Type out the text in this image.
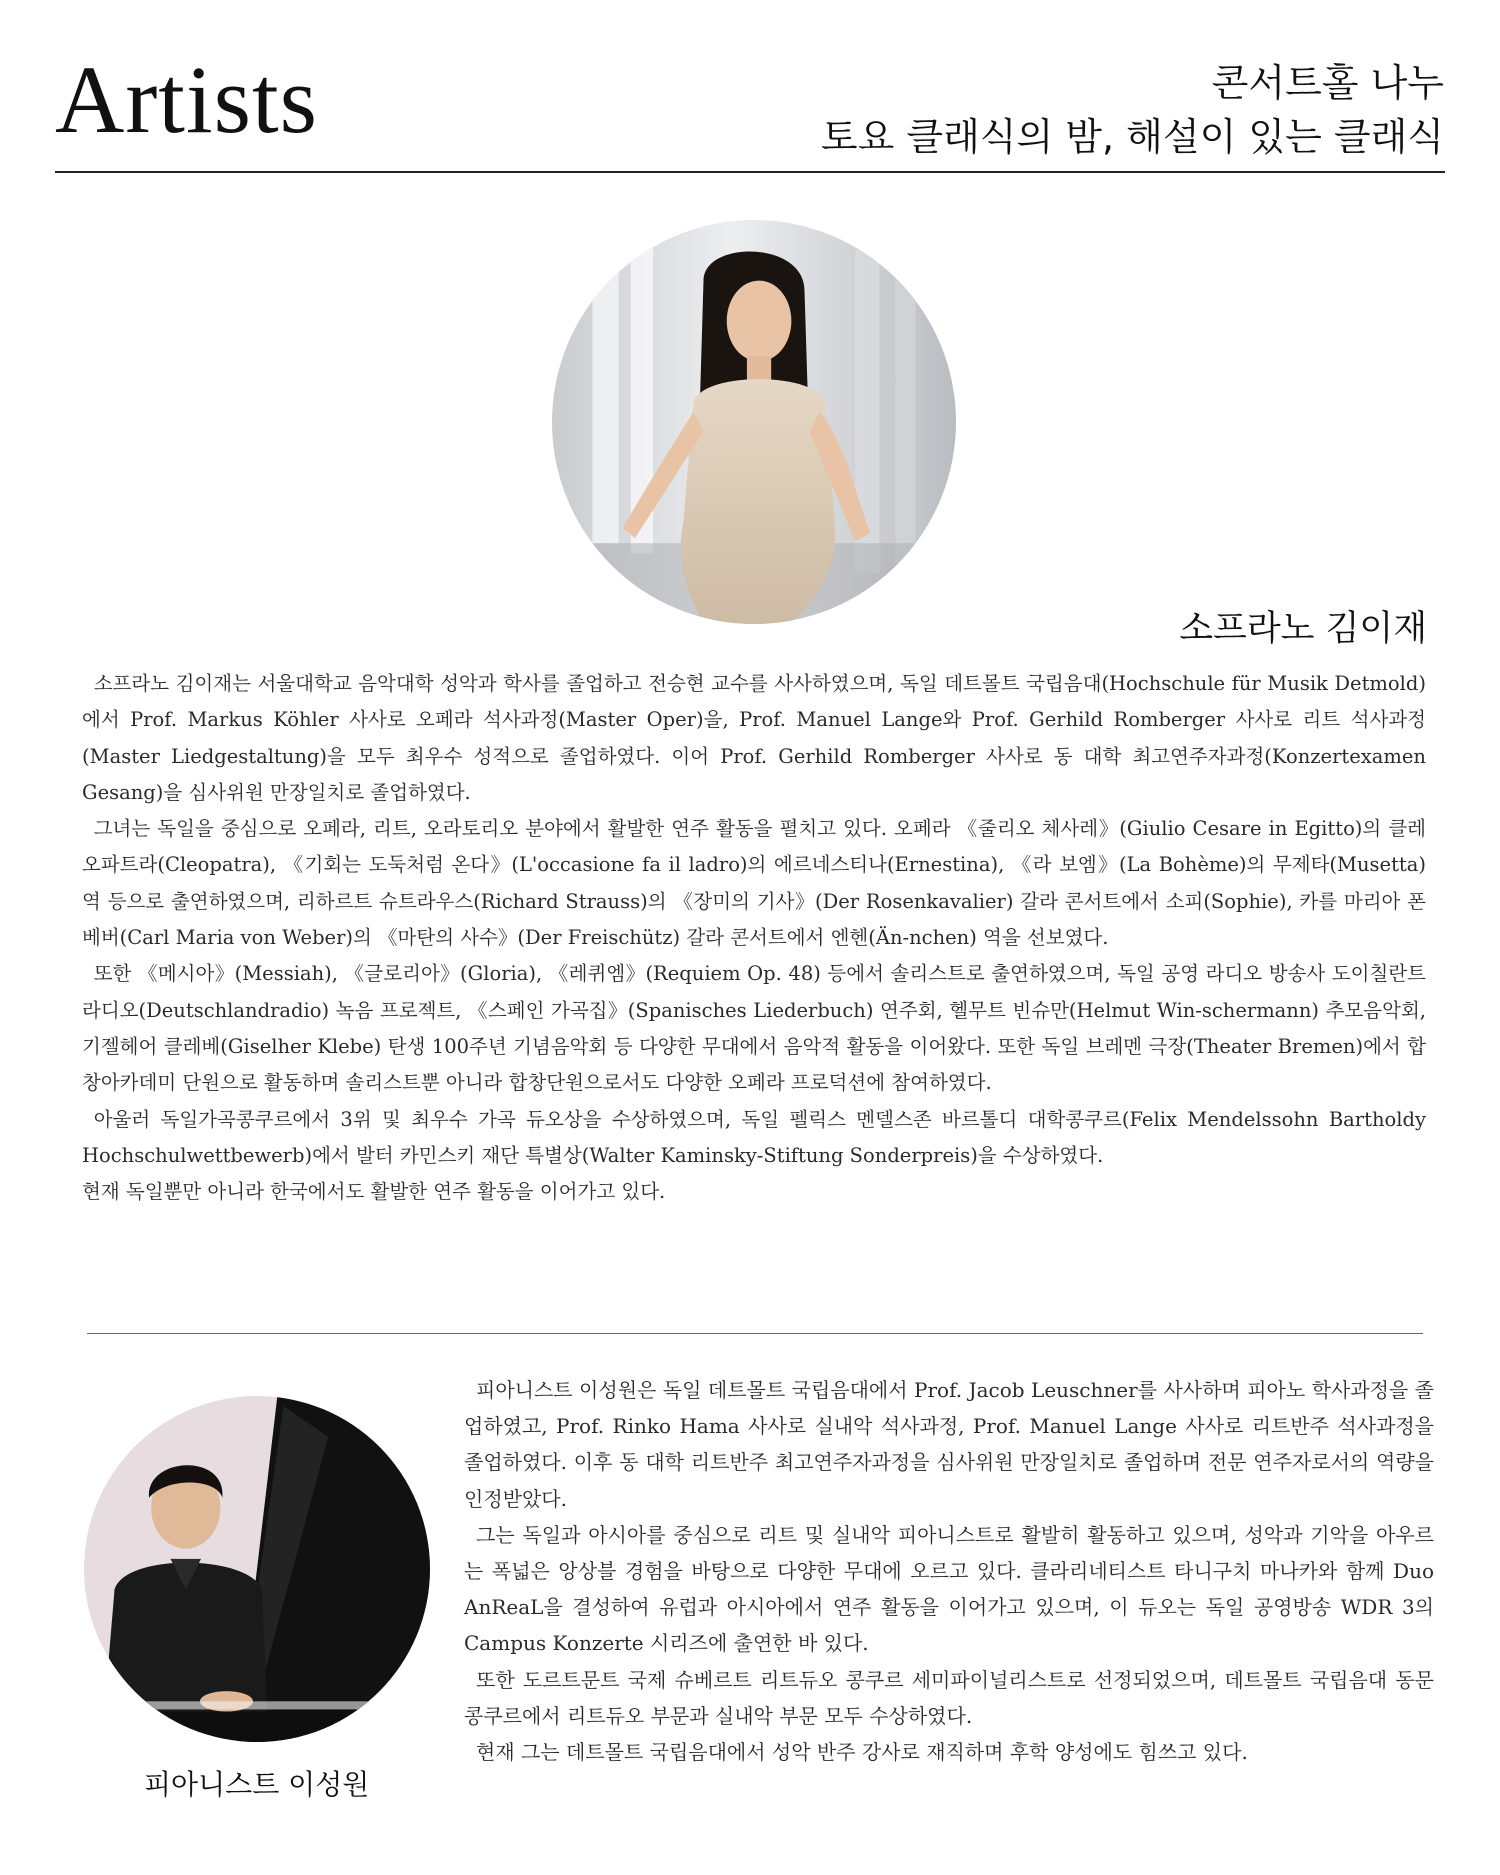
Artists	콘서트홀 나누
토요 클래식의 밤, 해설이 있는 클래식
소프라노 김이재

소프라노 김이재는 서울대학교 음악대학 성악과 학사를 졸업하고 전승현 교수를 사사하였으며, 독일 데트몰트 국립음대(Hochschule für Musik Detmold)에서 Prof. Markus Köhler 사사로 오페라 석사과정(Master Oper)을, Prof. Manuel Lange와 Prof. Gerhild Romberger 사사로 리트 석사과정(Master Liedgestaltung)을 모두 최우수 성적으로 졸업하였다. 이어 Prof. Gerhild Romberger 사사로 동 대학 최고연주자과정(Konzertexamen Gesang)을 심사위원 만장일치로 졸업하였다.

그녀는 독일을 중심으로 오페라, 리트, 오라토리오 분야에서 활발한 연주 활동을 펼치고 있다. 오페라 《줄리오 체사레》(Giulio Cesare in Egitto)의 클레오파트라(Cleopatra), 《기회는 도둑처럼 온다》(L'occasione fa il ladro)의 에르네스티나(Ernestina), 《라 보엠》(La Bohème)의 무제타(Musetta) 역 등으로 출연하였으며, 리하르트 슈트라우스(Richard Strauss)의 《장미의 기사》(Der Rosenkavalier) 갈라 콘서트에서 소피(Sophie), 카를 마리아 폰 베버(Carl Maria von Weber)의 《마탄의 사수》(Der Freischütz) 갈라 콘서트에서 엔헨(Än-nchen) 역을 선보였다.

또한 《메시아》(Messiah), 《글로리아》(Gloria), 《레퀴엠》(Requiem Op. 48) 등에서 솔리스트로 출연하였으며, 독일 공영 라디오 방송사 도이칠란트라디오(Deutschlandradio) 녹음 프로젝트, 《스페인 가곡집》(Spanisches Liederbuch) 연주회, 헬무트 빈슈만(Helmut Win-schermann) 추모음악회, 기젤헤어 클레베(Giselher Klebe) 탄생 100주년 기념음악회 등 다양한 무대에서 음악적 활동을 이어왔다. 또한 독일 브레멘 극장(Theater Bremen)에서 합창아카데미 단원으로 활동하며 솔리스트뿐 아니라 합창단원으로서도 다양한 오페라 프로덕션에 참여하였다.

아울러 독일가곡콩쿠르에서 3위 및 최우수 가곡 듀오상을 수상하였으며, 독일 펠릭스 멘델스존 바르톨디 대학콩쿠르(Felix Mendelssohn Bartholdy Hochschulwettbewerb)에서 발터 카민스키 재단 특별상(Walter Kaminsky-Stiftung Sonderpreis)을 수상하였다.

현재 독일뿐만 아니라 한국에서도 활발한 연주 활동을 이어가고 있다.

피아니스트 이성원

피아니스트 이성원은 독일 데트몰트 국립음대에서 Prof. Jacob Leuschner를 사사하며 피아노 학사과정을 졸업하였고, Prof. Rinko Hama 사사로 실내악 석사과정, Prof. Manuel Lange 사사로 리트반주 석사과정을 졸업하였다. 이후 동 대학 리트반주 최고연주자과정을 심사위원 만장일치로 졸업하며 전문 연주자로서의 역량을 인정받았다.

그는 독일과 아시아를 중심으로 리트 및 실내악 피아니스트로 활발히 활동하고 있으며, 성악과 기악을 아우르는 폭넓은 앙상블 경험을 바탕으로 다양한 무대에 오르고 있다. 클라리네티스트 타니구치 마나카와 함께 Duo AnReaL을 결성하여 유럽과 아시아에서 연주 활동을 이어가고 있으며, 이 듀오는 독일 공영방송 WDR 3의 Campus Konzerte 시리즈에 출연한 바 있다.

또한 도르트문트 국제 슈베르트 리트듀오 콩쿠르 세미파이널리스트로 선정되었으며, 데트몰트 국립음대 동문 콩쿠르에서 리트듀오 부문과 실내악 부문 모두 수상하였다.

현재 그는 데트몰트 국립음대에서 성악 반주 강사로 재직하며 후학 양성에도 힘쓰고 있다.
